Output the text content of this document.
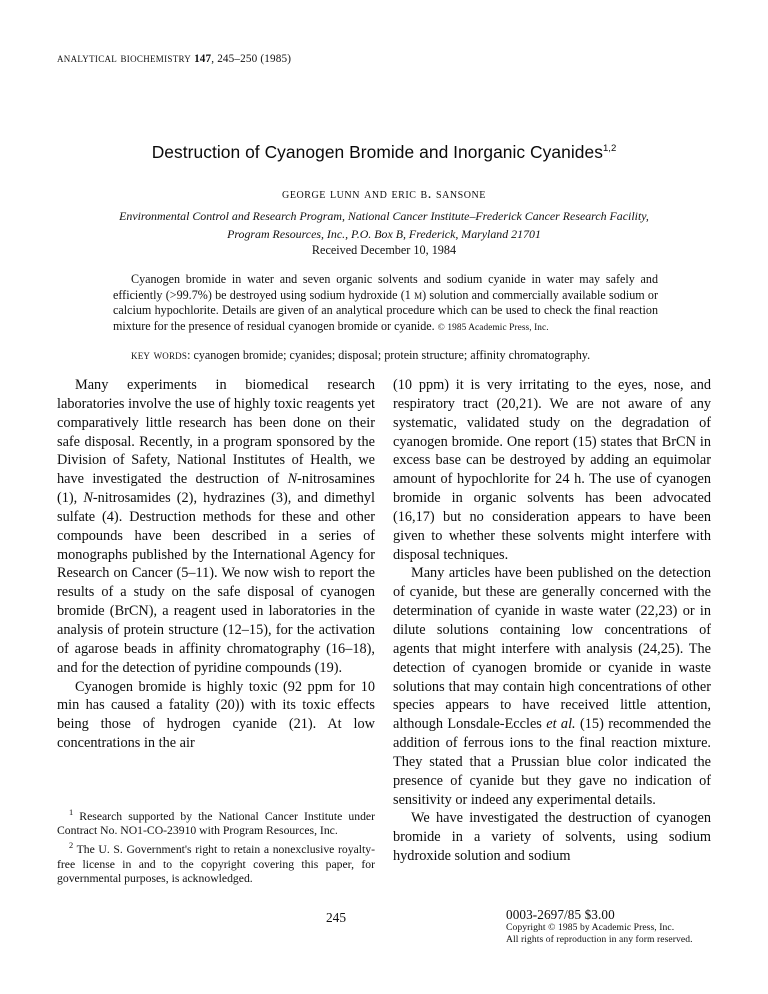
analytical biochemistry 147, 245–250 (1985)
Destruction of Cyanogen Bromide and Inorganic Cyanides$^{1,2}$
george lunn and eric b. sansone
Environmental Control and Research Program, National Cancer Institute–Frederick Cancer Research Facility,
Program Resources, Inc., P.O. Box B, Frederick, Maryland 21701
Received December 10, 1984
Cyanogen bromide in water and seven organic solvents and sodium cyanide in water may safely and efficiently (>99.7%) be destroyed using sodium hydroxide (1 m) solution and commercially available sodium or calcium hypochlorite. Details are given of an analytical procedure which can be used to check the final reaction mixture for the presence of residual cyanogen bromide or cyanide. © 1985 Academic Press, Inc.
key words: cyanogen bromide; cyanides; disposal; protein structure; affinity chromatography.

Many experiments in biomedical research laboratories involve the use of highly toxic reagents yet comparatively little research has been done on their safe disposal. Recently, in a program sponsored by the Division of Safety, National Institutes of Health, we have investigated the destruction of N-nitrosamines (1), N-nitrosamides (2), hydrazines (3), and dimethyl sulfate (4). Destruction methods for these and other compounds have been described in a series of monographs published by the International Agency for Research on Cancer (5–11). We now wish to report the results of a study on the safe disposal of cyanogen bromide (BrCN), a reagent used in laboratories in the analysis of protein structure (12–15), for the activation of agarose beads in affinity chromatography (16–18), and for the detection of pyridine compounds (19).

Cyanogen bromide is highly toxic (92 ppm for 10 min has caused a fatality (20)) with its toxic effects being those of hydrogen cyanide (21). At low concentrations in the air

(10 ppm) it is very irritating to the eyes, nose, and respiratory tract (20,21). We are not aware of any systematic, validated study on the degradation of cyanogen bromide. One report (15) states that BrCN in excess base can be destroyed by adding an equimolar amount of hypochlorite for 24 h. The use of cyanogen bromide in organic solvents has been advocated (16,17) but no consideration appears to have been given to whether these solvents might interfere with disposal techniques.

Many articles have been published on the detection of cyanide, but these are generally concerned with the determination of cyanide in waste water (22,23) or in dilute solutions containing low concentrations of agents that might interfere with analysis (24,25). The detection of cyanogen bromide or cyanide in waste solutions that may contain high concentrations of other species appears to have received little attention, although Lonsdale-Eccles et al. (15) recommended the addition of ferrous ions to the final reaction mixture. They stated that a Prussian blue color indicated the presence of cyanide but they gave no indication of sensitivity or indeed any experimental details.

We have investigated the destruction of cyanogen bromide in a variety of solvents, using sodium hydroxide solution and sodium

$^1$ Research supported by the National Cancer Institute under Contract No. NO1-CO-23910 with Program Resources, Inc.

$^2$ The U. S. Government's right to retain a nonexclusive royalty-free license in and to the copyright covering this paper, for governmental purposes, is acknowledged.

245	0003-2697/85 $3.00
Copyright © 1985 by Academic Press, Inc.
All rights of reproduction in any form reserved.
